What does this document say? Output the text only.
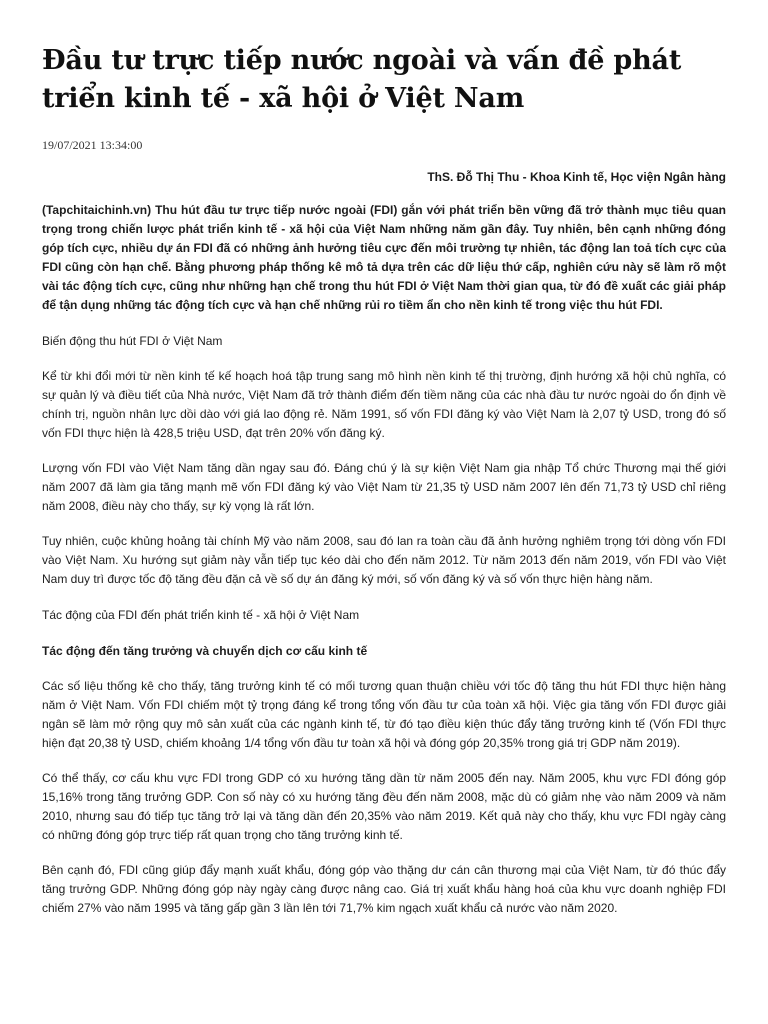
Đầu tư trực tiếp nước ngoài và vấn đề phát triển kinh tế - xã hội ở Việt Nam
19/07/2021 13:34:00
ThS. Đỗ Thị Thu - Khoa Kinh tế, Học viện Ngân hàng

(Tapchitaichinh.vn) Thu hút đầu tư trực tiếp nước ngoài (FDI) gắn với phát triển bền vững đã trở thành mục tiêu quan trọng trong chiến lược phát triển kinh tế - xã hội của Việt Nam những năm gần đây. Tuy nhiên, bên cạnh những đóng góp tích cực, nhiều dự án FDI đã có những ảnh hưởng tiêu cực đến môi trường tự nhiên, tác động lan toả tích cực của FDI cũng còn hạn chế. Bằng phương pháp thống kê mô tả dựa trên các dữ liệu thứ cấp, nghiên cứu này sẽ làm rõ một vài tác động tích cực, cũng như những hạn chế trong thu hút FDI ở Việt Nam thời gian qua, từ đó đề xuất các giải pháp để tận dụng những tác động tích cực và hạn chế những rủi ro tiềm ẩn cho nền kinh tế trong việc thu hút FDI.

Biến động thu hút FDI ở Việt Nam

Kể từ khi đổi mới từ nền kinh tế kế hoạch hoá tập trung sang mô hình nền kinh tế thị trường, định hướng xã hội chủ nghĩa, có sự quản lý và điều tiết của Nhà nước, Việt Nam đã trở thành điểm đến tiềm năng của các nhà đầu tư nước ngoài do ổn định về chính trị, nguồn nhân lực dồi dào với giá lao động rẻ. Năm 1991, số vốn FDI đăng ký vào Việt Nam là 2,07 tỷ USD, trong đó số vốn FDI thực hiện là 428,5 triệu USD, đạt trên 20% vốn đăng ký.

Lượng vốn FDI vào Việt Nam tăng dần ngay sau đó. Đáng chú ý là sự kiện Việt Nam gia nhập Tổ chức Thương mại thế giới năm 2007 đã làm gia tăng mạnh mẽ vốn FDI đăng ký vào Việt Nam từ 21,35 tỷ USD năm 2007 lên đến 71,73 tỷ USD chỉ riêng năm 2008, điều này cho thấy, sự kỳ vọng là rất lớn.

Tuy nhiên, cuộc khủng hoảng tài chính Mỹ vào năm 2008, sau đó lan ra toàn cầu đã ảnh hưởng nghiêm trọng tới dòng vốn FDI vào Việt Nam. Xu hướng sụt giảm này vẫn tiếp tục kéo dài cho đến năm 2012. Từ năm 2013 đến năm 2019, vốn FDI vào Việt Nam duy trì được tốc độ tăng đều đặn cả về số dự án đăng ký mới, số vốn đăng ký và số vốn thực hiện hàng năm.

Tác động của FDI đến phát triển kinh tế - xã hội ở Việt Nam

Tác động đến tăng trưởng và chuyển dịch cơ cấu kinh tế

Các số liệu thống kê cho thấy, tăng trưởng kinh tế có mối tương quan thuận chiều với tốc độ tăng thu hút FDI thực hiện hàng năm ở Việt Nam. Vốn FDI chiếm một tỷ trọng đáng kể trong tổng vốn đầu tư của toàn xã hội. Việc gia tăng vốn FDI được giải ngân sẽ làm mở rộng quy mô sản xuất của các ngành kinh tế, từ đó tạo điều kiện thúc đẩy tăng trưởng kinh tế (Vốn FDI thực hiện đạt 20,38 tỷ USD, chiếm khoảng 1/4 tổng vốn đầu tư toàn xã hội và đóng góp 20,35% trong giá trị GDP năm 2019).

Có thể thấy, cơ cấu khu vực FDI trong GDP có xu hướng tăng dần từ năm 2005 đến nay. Năm 2005, khu vực FDI đóng góp 15,16% trong tăng trưởng GDP. Con số này có xu hướng tăng đều đến năm 2008, mặc dù có giảm nhẹ vào năm 2009 và năm 2010, nhưng sau đó tiếp tục tăng trở lại và tăng dần đến 20,35% vào năm 2019. Kết quả này cho thấy, khu vực FDI ngày càng có những đóng góp trực tiếp rất quan trọng cho tăng trưởng kinh tế.

Bên cạnh đó, FDI cũng giúp đẩy mạnh xuất khẩu, đóng góp vào thặng dư cán cân thương mại của Việt Nam, từ đó thúc đẩy tăng trưởng GDP. Những đóng góp này ngày càng được nâng cao. Giá trị xuất khẩu hàng hoá của khu vực doanh nghiệp FDI chiếm 27% vào năm 1995 và tăng gấp gần 3 lần lên tới 71,7% kim ngạch xuất khẩu cả nước vào năm 2020.
